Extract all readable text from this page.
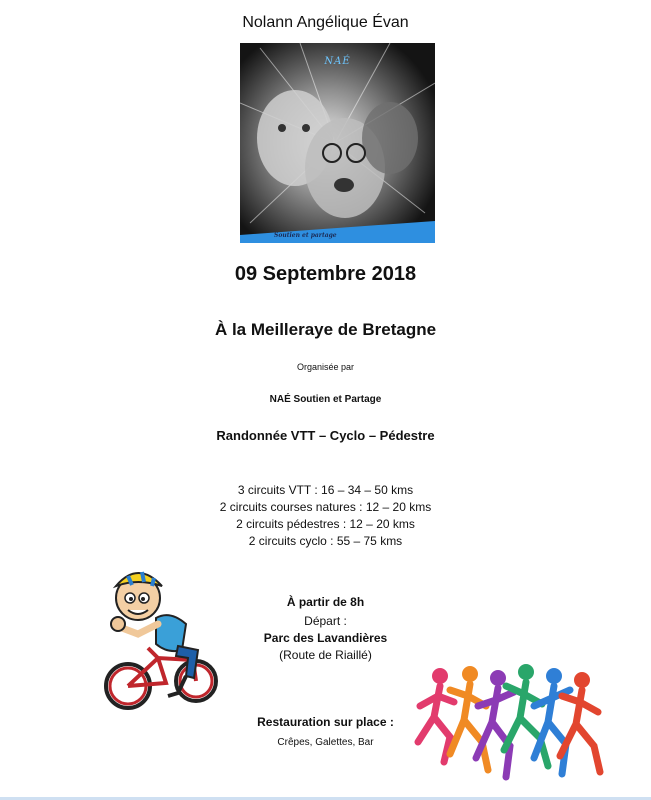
Nolann Angélique Évan
NAÉ
Soutien et partage
09 Septembre 2018
À la Meilleraye de Bretagne
Organisée par
NAÉ Soutien et Partage
Randonnée VTT – Cyclo – Pédestre
3 circuits VTT : 16 – 34 – 50 kms
2 circuits courses natures : 12 – 20 kms
2 circuits pédestres : 12 – 20 kms
2 circuits cyclo : 55 – 75 kms
À partir de 8h
Départ :
Parc des Lavandières
(Route de Riaillé)
Restauration sur place :
Crêpes, Galettes, Bar
